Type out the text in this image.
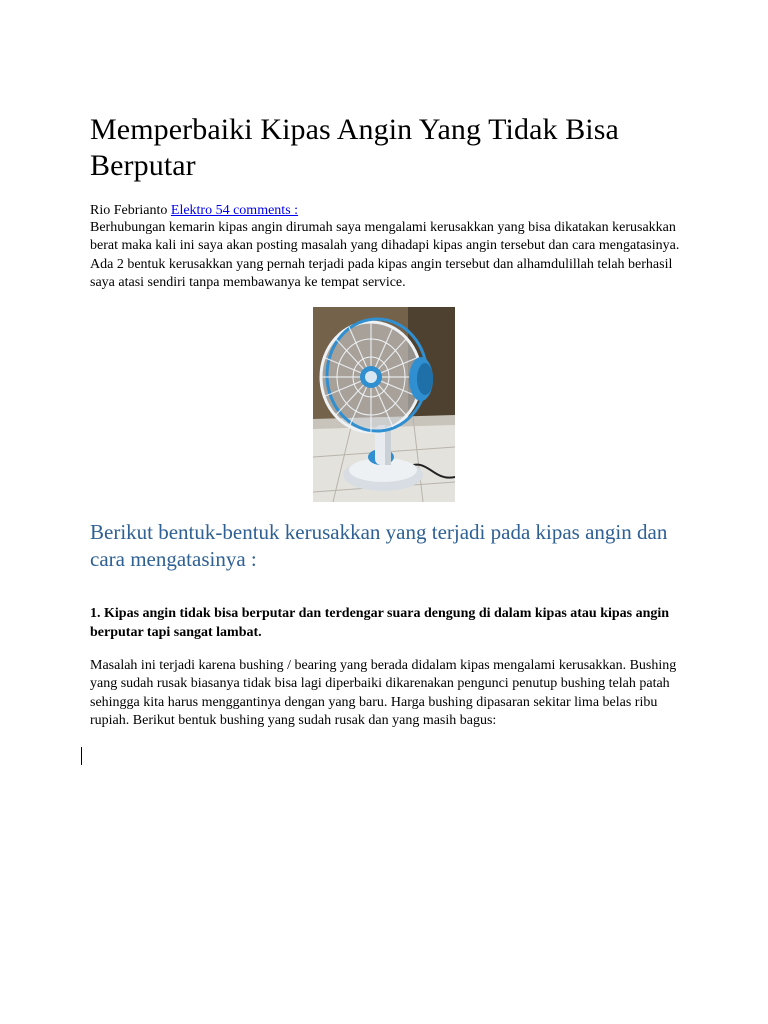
Memperbaiki Kipas Angin Yang Tidak Bisa Berputar
Rio Febrianto Elektro 54 comments :

Berhubungan kemarin kipas angin dirumah saya mengalami kerusakkan yang bisa dikatakan kerusakkan berat maka kali ini saya akan posting masalah yang dihadapi kipas angin tersebut dan cara mengatasinya. Ada 2 bentuk kerusakkan yang pernah terjadi pada kipas angin tersebut dan alhamdulillah telah berhasil saya atasi sendiri tanpa membawanya ke tempat service.

Berikut bentuk-bentuk kerusakkan yang terjadi pada kipas angin dan cara mengatasinya :

1. Kipas angin tidak bisa berputar dan terdengar suara dengung di dalam kipas atau kipas angin berputar tapi sangat lambat.

Masalah ini terjadi karena bushing / bearing yang berada didalam kipas mengalami kerusakkan. Bushing yang sudah rusak biasanya tidak bisa lagi diperbaiki dikarenakan pengunci penutup bushing telah patah sehingga kita harus menggantinya dengan yang baru. Harga bushing dipasaran sekitar lima belas ribu rupiah. Berikut bentuk bushing yang sudah rusak dan yang masih bagus:
